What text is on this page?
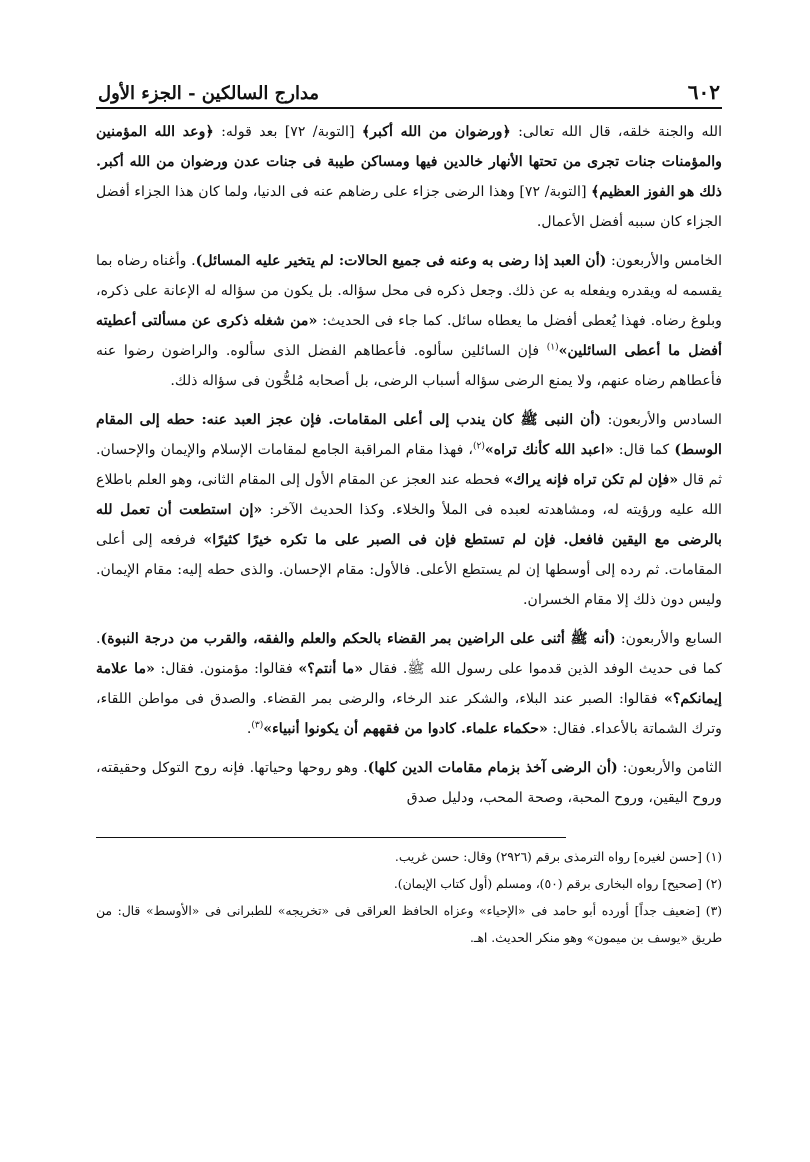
٦٠٢
مدارج السالكين - الجزء الأول

الله والجنة خلقه، قال الله تعالى: ﴿ورضوان من الله أكبر﴾ [التوبة/ ٧٢] بعد قوله: ﴿وعد الله المؤمنين والمؤمنات جنات تجرى من تحتها الأنهار خالدين فيها ومساكن طيبة فى جنات عدن ورضوان من الله أكبر. ذلك هو الفوز العظيم﴾ [التوبة/ ٧٢] وهذا الرضى جزاء على رضاهم عنه فى الدنيا، ولما كان هذا الجزاء أفضل الجزاء كان سببه أفضل الأعمال.

الخامس والأربعون: (أن العبد إذا رضى به وعنه فى جميع الحالات: لم يتخير عليه المسائل). وأغناه رضاه بما يقسمه له ويقدره ويفعله به عن ذلك. وجعل ذكره فى محل سؤاله. بل يكون من سؤاله له الإعانة على ذكره، وبلوغ رضاه. فهذا يُعطى أفضل ما يعطاه سائل. كما جاء فى الحديث: «من شغله ذكرى عن مسألتى أعطيته أفضل ما أعطى السائلين»$^{(١)}$ فإن السائلين سألوه. فأعطاهم الفضل الذى سألوه. والراضون رضوا عنه فأعطاهم رضاه عنهم، ولا يمنع الرضى سؤاله أسباب الرضى، بل أصحابه مُلحُّون فى سؤاله ذلك.

السادس والأربعون: (أن النبى ﷺ كان يندب إلى أعلى المقامات. فإن عجز العبد عنه: حطه إلى المقام الوسط) كما قال: «اعبد الله كأنك تراه»$^{(٢)}$، فهذا مقام المراقبة الجامع لمقامات الإسلام والإيمان والإحسان. ثم قال «فإن لم تكن تراه فإنه يراك» فحطه عند العجز عن المقام الأول إلى المقام الثانى، وهو العلم باطلاع الله عليه ورؤيته له، ومشاهدته لعبده فى الملأ والخلاء. وكذا الحديث الآخر: «إن استطعت أن تعمل لله بالرضى مع اليقين فافعل. فإن لم تستطع فإن فى الصبر على ما تكره خيرًا كثيرًا» فرفعه إلى أعلى المقامات. ثم رده إلى أوسطها إن لم يستطع الأعلى. فالأول: مقام الإحسان. والذى حطه إليه: مقام الإيمان. وليس دون ذلك إلا مقام الخسران.

السابع والأربعون: (أنه ﷺ أثنى على الراضين بمر القضاء بالحكم والعلم والفقه، والقرب من درجة النبوة). كما فى حديث الوفد الذين قدموا على رسول الله ﷺ. فقال «ما أنتم؟» فقالوا: مؤمنون. فقال: «ما علامة إيمانكم؟» فقالوا: الصبر عند البلاء، والشكر عند الرخاء، والرضى بمر القضاء. والصدق فى مواطن اللقاء، وترك الشماتة بالأعداء. فقال: «حكماء علماء. كادوا من فقههم أن يكونوا أنبياء»$^{(٣)}$.

الثامن والأربعون: (أن الرضى آخذ بزمام مقامات الدين كلها). وهو روحها وحياتها. فإنه روح التوكل وحقيقته، وروح اليقين، وروح المحبة، وصحة المحب، ودليل صدق

(١) [حسن لغيره] رواه الترمذى برقم (٢٩٢٦) وقال: حسن غريب.

(٢) [صحيح] رواه البخارى برقم (٥٠)، ومسلم (أول كتاب الإيمان).

(٣) [ضعيف جداً] أورده أبو حامد فى «الإحياء» وعزاه الحافظ العراقى فى «تخريجه» للطبرانى فى «الأوسط» قال: من طريق «يوسف بن ميمون» وهو منكر الحديث. اهـ.
